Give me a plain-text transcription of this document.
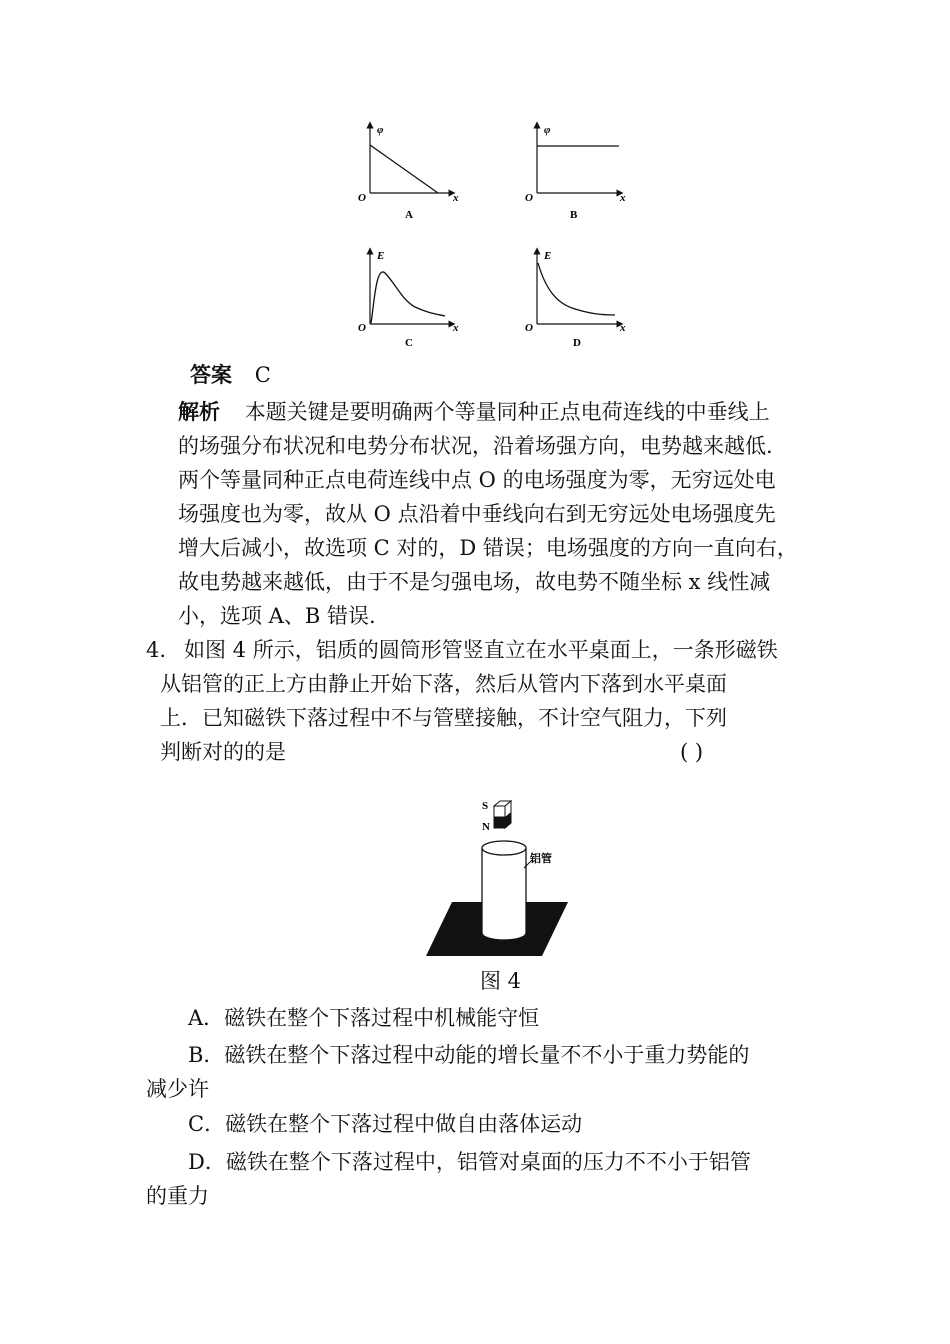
φ
O	x
A
φ
O	x
B
E
O	x
C
E
O	x
D
答案 C
解析 本题关键是要明确两个等量同种正点电荷连线的中垂线上
的场强分布状况和电势分布状况，沿着场强方向，电势越来越低.
两个等量同种正点电荷连线中点 O 的电场强度为零，无穷远处电
场强度也为零，故从 O 点沿着中垂线向右到无穷远处电场强度先
增大后减小，故选项 C 对的，D 错误；电场强度的方向一直向右，
故电势越来越低，由于不是匀强电场，故电势不随坐标 x 线性减
小，选项 A、B 错误.
4. 如图 4 所示，铝质的圆筒形管竖直立在水平桌面上，一条形磁铁
从铝管的正上方由静止开始下落，然后从管内下落到水平桌面
上．已知磁铁下落过程中不与管壁接触，不计空气阻力，下列
判断对的的是	( )
S
N
铝管
图 4
A．磁铁在整个下落过程中机械能守恒
B．磁铁在整个下落过程中动能的增长量不不小于重力势能的
减少许
C．磁铁在整个下落过程中做自由落体运动
D．磁铁在整个下落过程中，铝管对桌面的压力不不小于铝管
的重力
